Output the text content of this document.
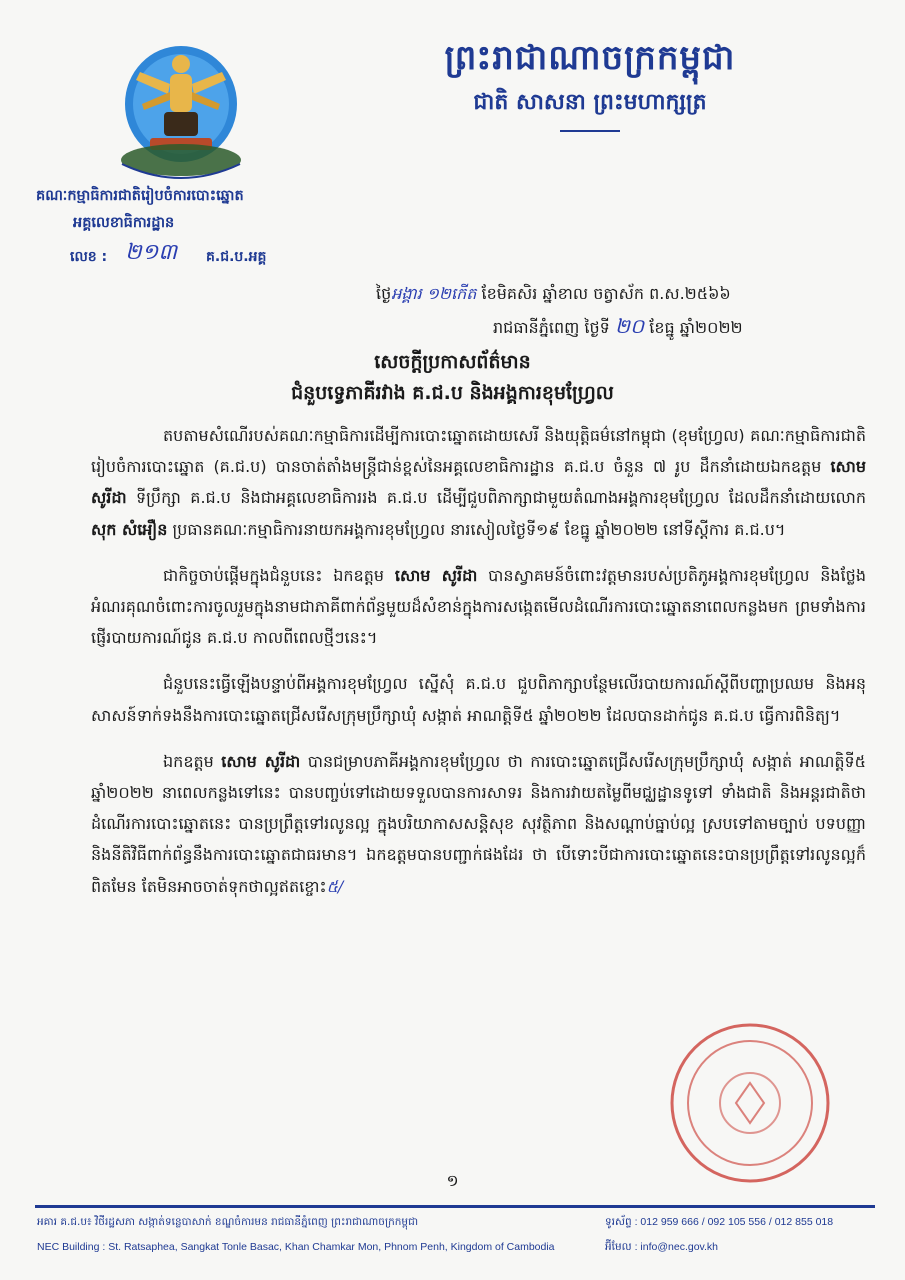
ព្រះរាជាណាចក្រកម្ពុជា
ជាតិ សាសនា ព្រះមហាក្សត្រ
គណៈកម្មាធិការជាតិរៀបចំការបោះឆ្នោត
អគ្គលេខាធិការដ្ឋាន
លេខ : ២១៣ គ.ជ.ប.អគ្គ
ថ្ងៃអង្គារ ១២កើត ខែមិគសិរ ឆ្នាំខាល ចត្វាស័ក ព.ស.២៥៦៦
រាជធានីភ្នំពេញ ថ្ងៃទី ២០ ខែធ្នូ ឆ្នាំ២០២២
សេចក្តីប្រកាសព័ត៌មាន
ជំនួបទ្វេភាគីរវាង គ.ជ.ប និងអង្គការខុមហ្វ្រែល

តបតាមសំណើរបស់គណៈកម្មាធិការដើម្បីការបោះឆ្នោតដោយសេរី និងយុត្តិធម៌នៅកម្ពុជា (ខុមហ្វ្រែល) គណៈកម្មាធិការជាតិរៀបចំការបោះឆ្នោត (គ.ជ.ប) បានចាត់តាំងមន្ត្រីជាន់ខ្ពស់នៃអគ្គលេខាធិការដ្ឋាន គ.ជ.ប ចំនួន ៧ រូប ដឹកនាំដោយឯកឧត្តម សោម សូរីដា ទីប្រឹក្សា គ.ជ.ប និងជាអគ្គលេខាធិការរង គ.ជ.ប ដើម្បីជួបពិភាក្សាជាមួយតំណាងអង្គការខុមហ្វ្រែល ដែលដឹកនាំដោយលោក សុក សំអឿន ប្រធានគណៈកម្មាធិការនាយកអង្គការខុមហ្វ្រែល នារសៀលថ្ងៃទី១៩ ខែធ្នូ ឆ្នាំ២០២២ នៅទីស្តីការ គ.ជ.ប។

ជាកិច្ចចាប់ផ្តើមក្នុងជំនួបនេះ ឯកឧត្តម សោម សូរីដា បានស្វាគមន៍ចំពោះវត្តមានរបស់ប្រតិភូអង្គការខុមហ្វ្រែល និងថ្លែងអំណរគុណចំពោះការចូលរួមក្នុងនាមជាភាគីពាក់ព័ន្ធមួយដ៏សំខាន់ក្នុងការសង្កេតមើលដំណើរការបោះឆ្នោតនាពេលកន្លងមក ព្រមទាំងការផ្ញើរបាយការណ៍ជូន គ.ជ.ប កាលពីពេលថ្មីៗនេះ។

ជំនួបនេះធ្វើឡើងបន្ទាប់ពីអង្គការខុមហ្វ្រែល ស្នើសុំ គ.ជ.ប ជួបពិភាក្សាបន្ថែមលើរបាយការណ៍ស្តីពីបញ្ហាប្រឈម និងអនុសាសន៍ទាក់ទងនឹងការបោះឆ្នោតជ្រើសរើសក្រុមប្រឹក្សាឃុំ សង្កាត់ អាណត្តិទី៥ ឆ្នាំ២០២២ ដែលបានដាក់ជូន គ.ជ.ប ធ្វើការពិនិត្យ។

ឯកឧត្តម សោម សូរីដា បានជម្រាបភាគីអង្គការខុមហ្វ្រែល ថា ការបោះឆ្នោតជ្រើសរើសក្រុមប្រឹក្សាឃុំ សង្កាត់ អាណត្តិទី៥ ឆ្នាំ២០២២ នាពេលកន្លងទៅនេះ បានបញ្ចប់ទៅដោយទទួលបានការសាទរ និងការវាយតម្លៃពីមជ្ឈដ្ឋានទូទៅ ទាំងជាតិ និងអន្តរជាតិថា ដំណើរការបោះឆ្នោតនេះ បានប្រព្រឹត្តទៅរលូនល្អ ក្នុងបរិយាកាសសន្តិសុខ សុវត្ថិភាព និងសណ្តាប់ធ្នាប់ល្អ ស្របទៅតាមច្បាប់ បទបញ្ញា និងនីតិវិធីពាក់ព័ន្ធនឹងការបោះឆ្នោតជាធរមាន។ ឯកឧត្តមបានបញ្ជាក់ផងដែរ ថា បើទោះបីជាការបោះឆ្នោតនេះបានប្រព្រឹត្តទៅរលូនល្អក៏ពិតមែន តែមិនអាចចាត់ទុកថាល្អឥតខ្ចោះ៥/

១
អគារ គ.ជ.ប៖ វិថីរដ្ឋសភា សង្កាត់ទន្លេបាសាក់ ខណ្ឌចំការមន រាជធានីភ្នំពេញ ព្រះរាជាណាចក្រកម្ពុជា
NEC Building : St. Ratsaphea, Sangkat Tonle Basac, Khan Chamkar Mon, Phnom Penh, Kingdom of Cambodia
ទូរស័ព្ទ : 012 959 666 / 092 105 556 / 012 855 018
អ៊ីមែល : info@nec.gov.kh
